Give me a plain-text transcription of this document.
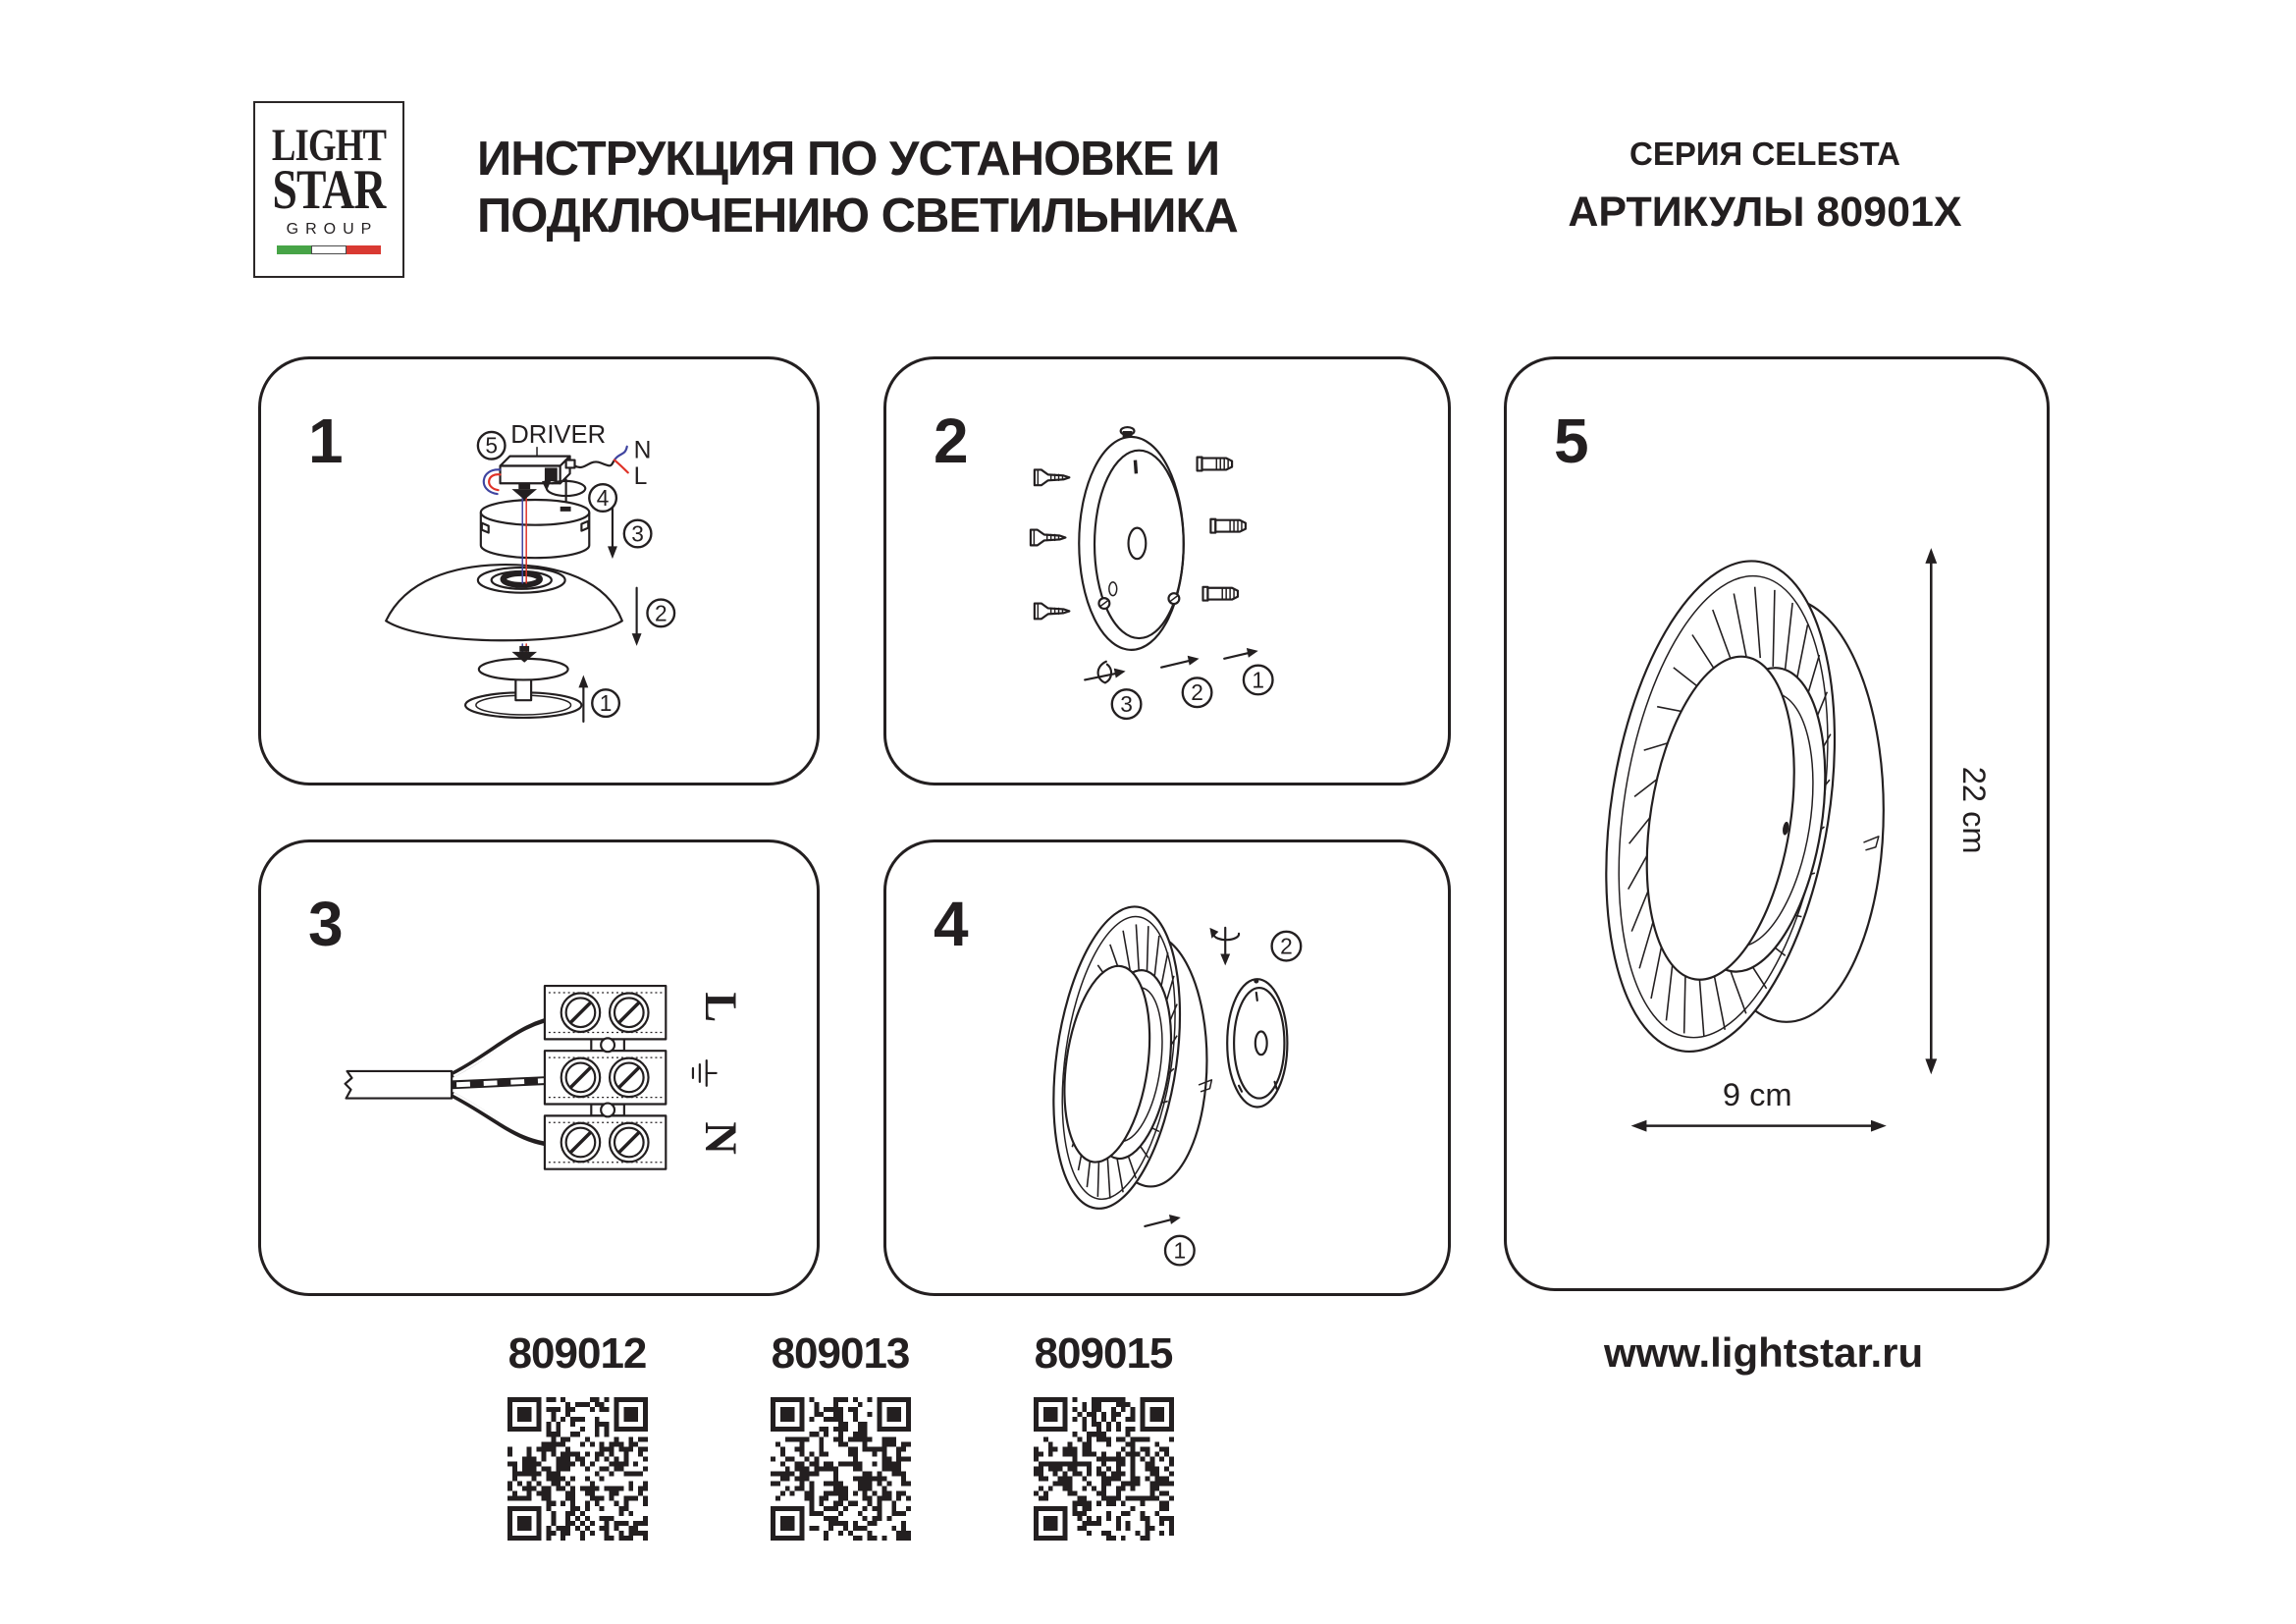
LIGHT
STAR
GROUP
ИНСТРУКЦИЯ ПО УСТАНОВКЕ И
ПОДКЛЮЧЕНИЮ СВЕТИЛЬНИКА
СЕРИЯ CELESTA
АРТИКУЛЫ 80901X
1	DRIVER
N
L
5
4
3
2
1
2
3	2 1
3
L
N
4	2
1
5
22 cm
9 cm
809012	809013	809015	www.lightstar.ru
